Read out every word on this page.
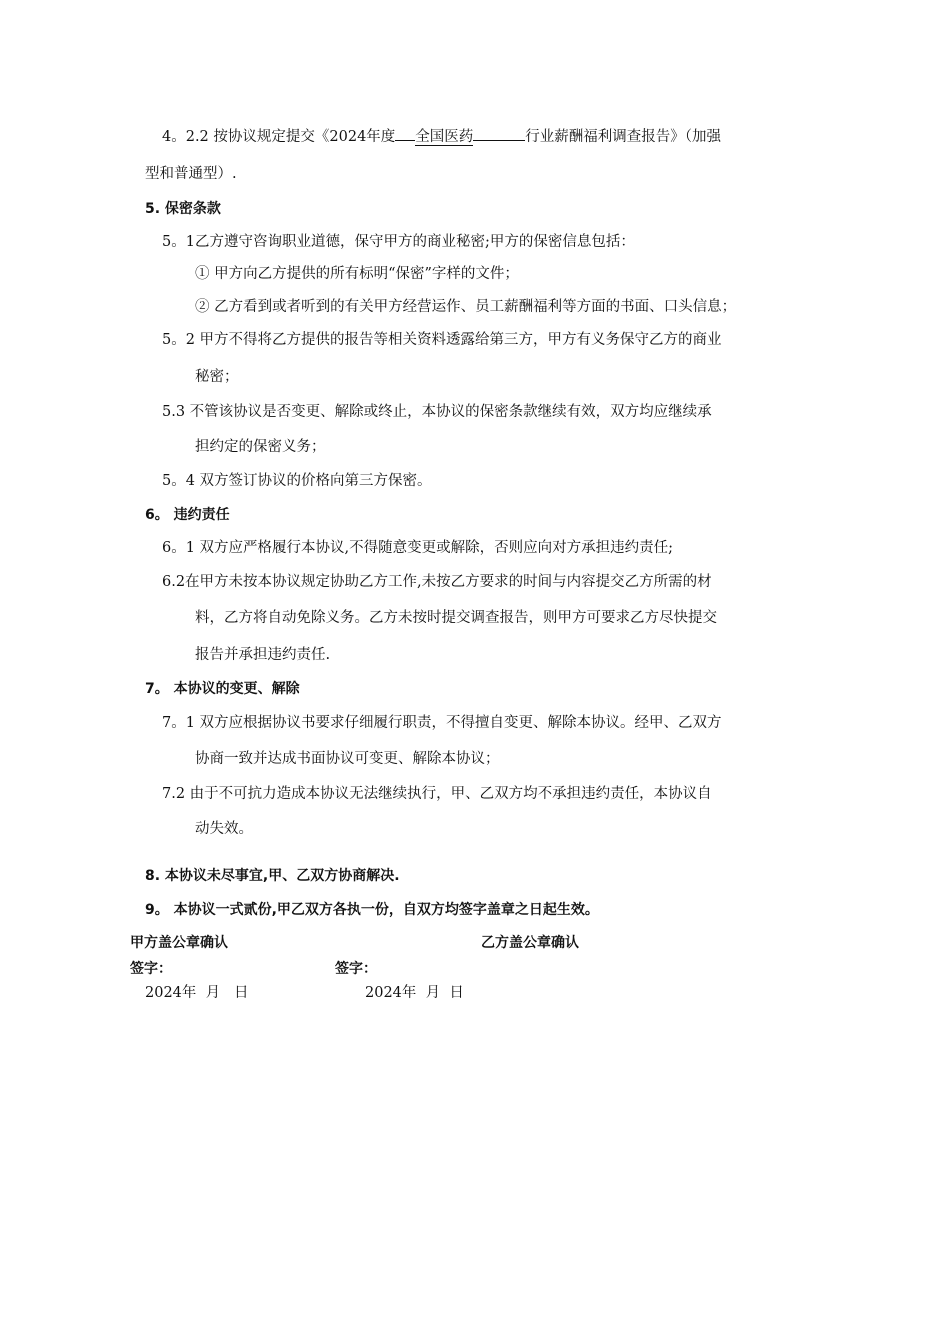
4。2.2 按协议规定提交《2024年度 全国医药	行业薪酬福利调查报告》（加强
型和普通型）.
5. 保密条款
5。1乙方遵守咨询职业道德，保守甲方的商业秘密;甲方的保密信息包括：
① 甲方向乙方提供的所有标明“保密”字样的文件；
② 乙方看到或者听到的有关甲方经营运作、员工薪酬福利等方面的书面、口头信息；
5。2 甲方不得将乙方提供的报告等相关资料透露给第三方，甲方有义务保守乙方的商业
秘密；
5.3 不管该协议是否变更、解除或终止，本协议的保密条款继续有效，双方均应继续承
担约定的保密义务；
5。4 双方签订协议的价格向第三方保密。
6。 违约责任
6。1 双方应严格履行本协议,不得随意变更或解除，否则应向对方承担违约责任;
6.2在甲方未按本协议规定协助乙方工作,未按乙方要求的时间与内容提交乙方所需的材
料，乙方将自动免除义务。乙方未按时提交调查报告，则甲方可要求乙方尽快提交
报告并承担违约责任.
7。 本协议的变更、解除
7。1 双方应根据协议书要求仔细履行职责，不得擅自变更、解除本协议。经甲、乙双方
协商一致并达成书面协议可变更、解除本协议；
7.2 由于不可抗力造成本协议无法继续执行，甲、乙双方均不承担违约责任，本协议自
动失效。
8. 本协议未尽事宜,甲、乙双方协商解决.
9。 本协议一式贰份,甲乙双方各执一份，自双方均签字盖章之日起生效。
甲方盖公章确认	乙方盖公章确认
签字：	签字：
2024年  月   日	2024年  月  日
